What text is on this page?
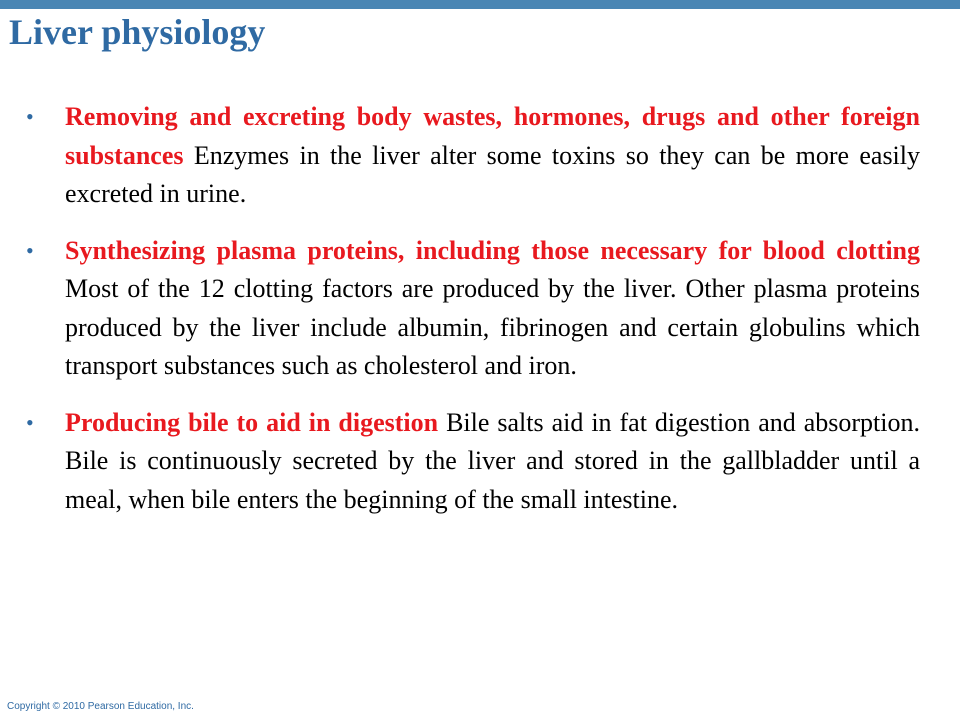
Liver physiology
• Removing and excreting body wastes, hormones, drugs and other foreign substances Enzymes in the liver alter some toxins so they can be more easily excreted in urine.
• Synthesizing plasma proteins, including those necessary for blood clotting Most of the 12 clotting factors are produced by the liver. Other plasma proteins produced by the liver include albumin, fibrinogen and certain globulins which transport substances such as cholesterol and iron.
• Producing bile to aid in digestion Bile salts aid in fat digestion and absorption. Bile is continuously secreted by the liver and stored in the gallbladder until a meal, when bile enters the beginning of the small intestine.
Copyright © 2010 Pearson Education, Inc.
